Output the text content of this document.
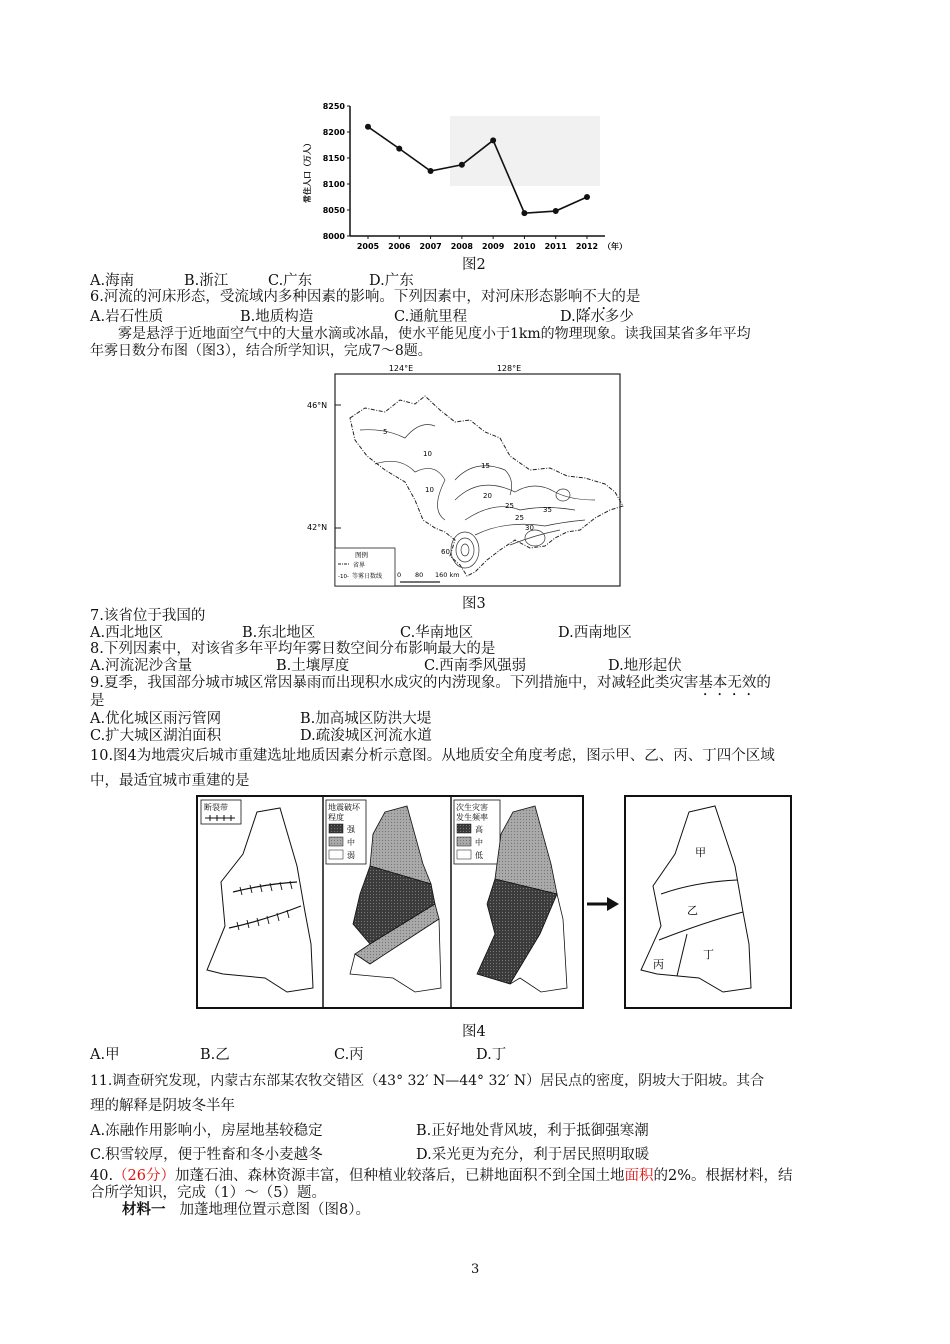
8250
8200
8150
8100
8050
8000
2005 2006 2007 2008 2009 2010 2011 2012 （年）
常住人口（万人）
图2
A.海南	B.浙江	C.广东	D.广东
6.河流的河床形态，受流域内多种因素的影响。下列因素中，对河床形态影响不大的是
A.岩石性质	B.地质构造	C.通航里程	D.降水多少
雾是悬浮于近地面空气中的大量水滴或冰晶，使水平能见度小于1km的物理现象。读我国某省多年平均
年雾日数分布图（图3），结合所学知识，完成7～8题。
124°E	128°E
46°N
42°N
5
10
10
15
20
25
25
30
35
60
图例
省界
-10- 等雾日数线 0 80 160 km
图3
7.该省位于我国的
A.西北地区	B.东北地区	C.华南地区	D.西南地区
8.下列因素中，对该省多年平均年雾日数空间分布影响最大的是
A.河流泥沙含量	B.土壤厚度	C.西南季风强弱	D.地形起伏
9.夏季，我国部分城市城区常因暴雨而出现积水成灾的内涝现象。下列措施中，对减轻此类灾害基本无效的
是
A.优化城区雨污管网	B.加高城区防洪大堤
C.扩大城区湖泊面积	D.疏浚城区河流水道
10.图4为地震灾后城市重建选址地质因素分析示意图。从地质安全角度考虑，图示甲、乙、丙、丁四个区域
中，最适宜城市重建的是
断裂带	地震破坏
程度
强
中
弱
次生灾害
发生频率
高
中
低	甲
乙
丙
丁
图4
A.甲	B.乙	C.丙	D.丁
11.调查研究发现，内蒙古东部某农牧交错区（43° 32′ N—44° 32′ N）居民点的密度，阴坡大于阳坡。其合
理的解释是阴坡冬半年
A.冻融作用影响小，房屋地基较稳定	B.正好地处背风坡，利于抵御强寒潮
C.积雪较厚，便于牲畜和冬小麦越冬	D.采光更为充分，利于居民照明取暖
40.（26分）加蓬石油、森林资源丰富，但种植业较落后，已耕地面积不到全国土地面积的2%。根据材料，结
合所学知识，完成（1）～（5）题。
材料一 加蓬地理位置示意图（图8）。
3
